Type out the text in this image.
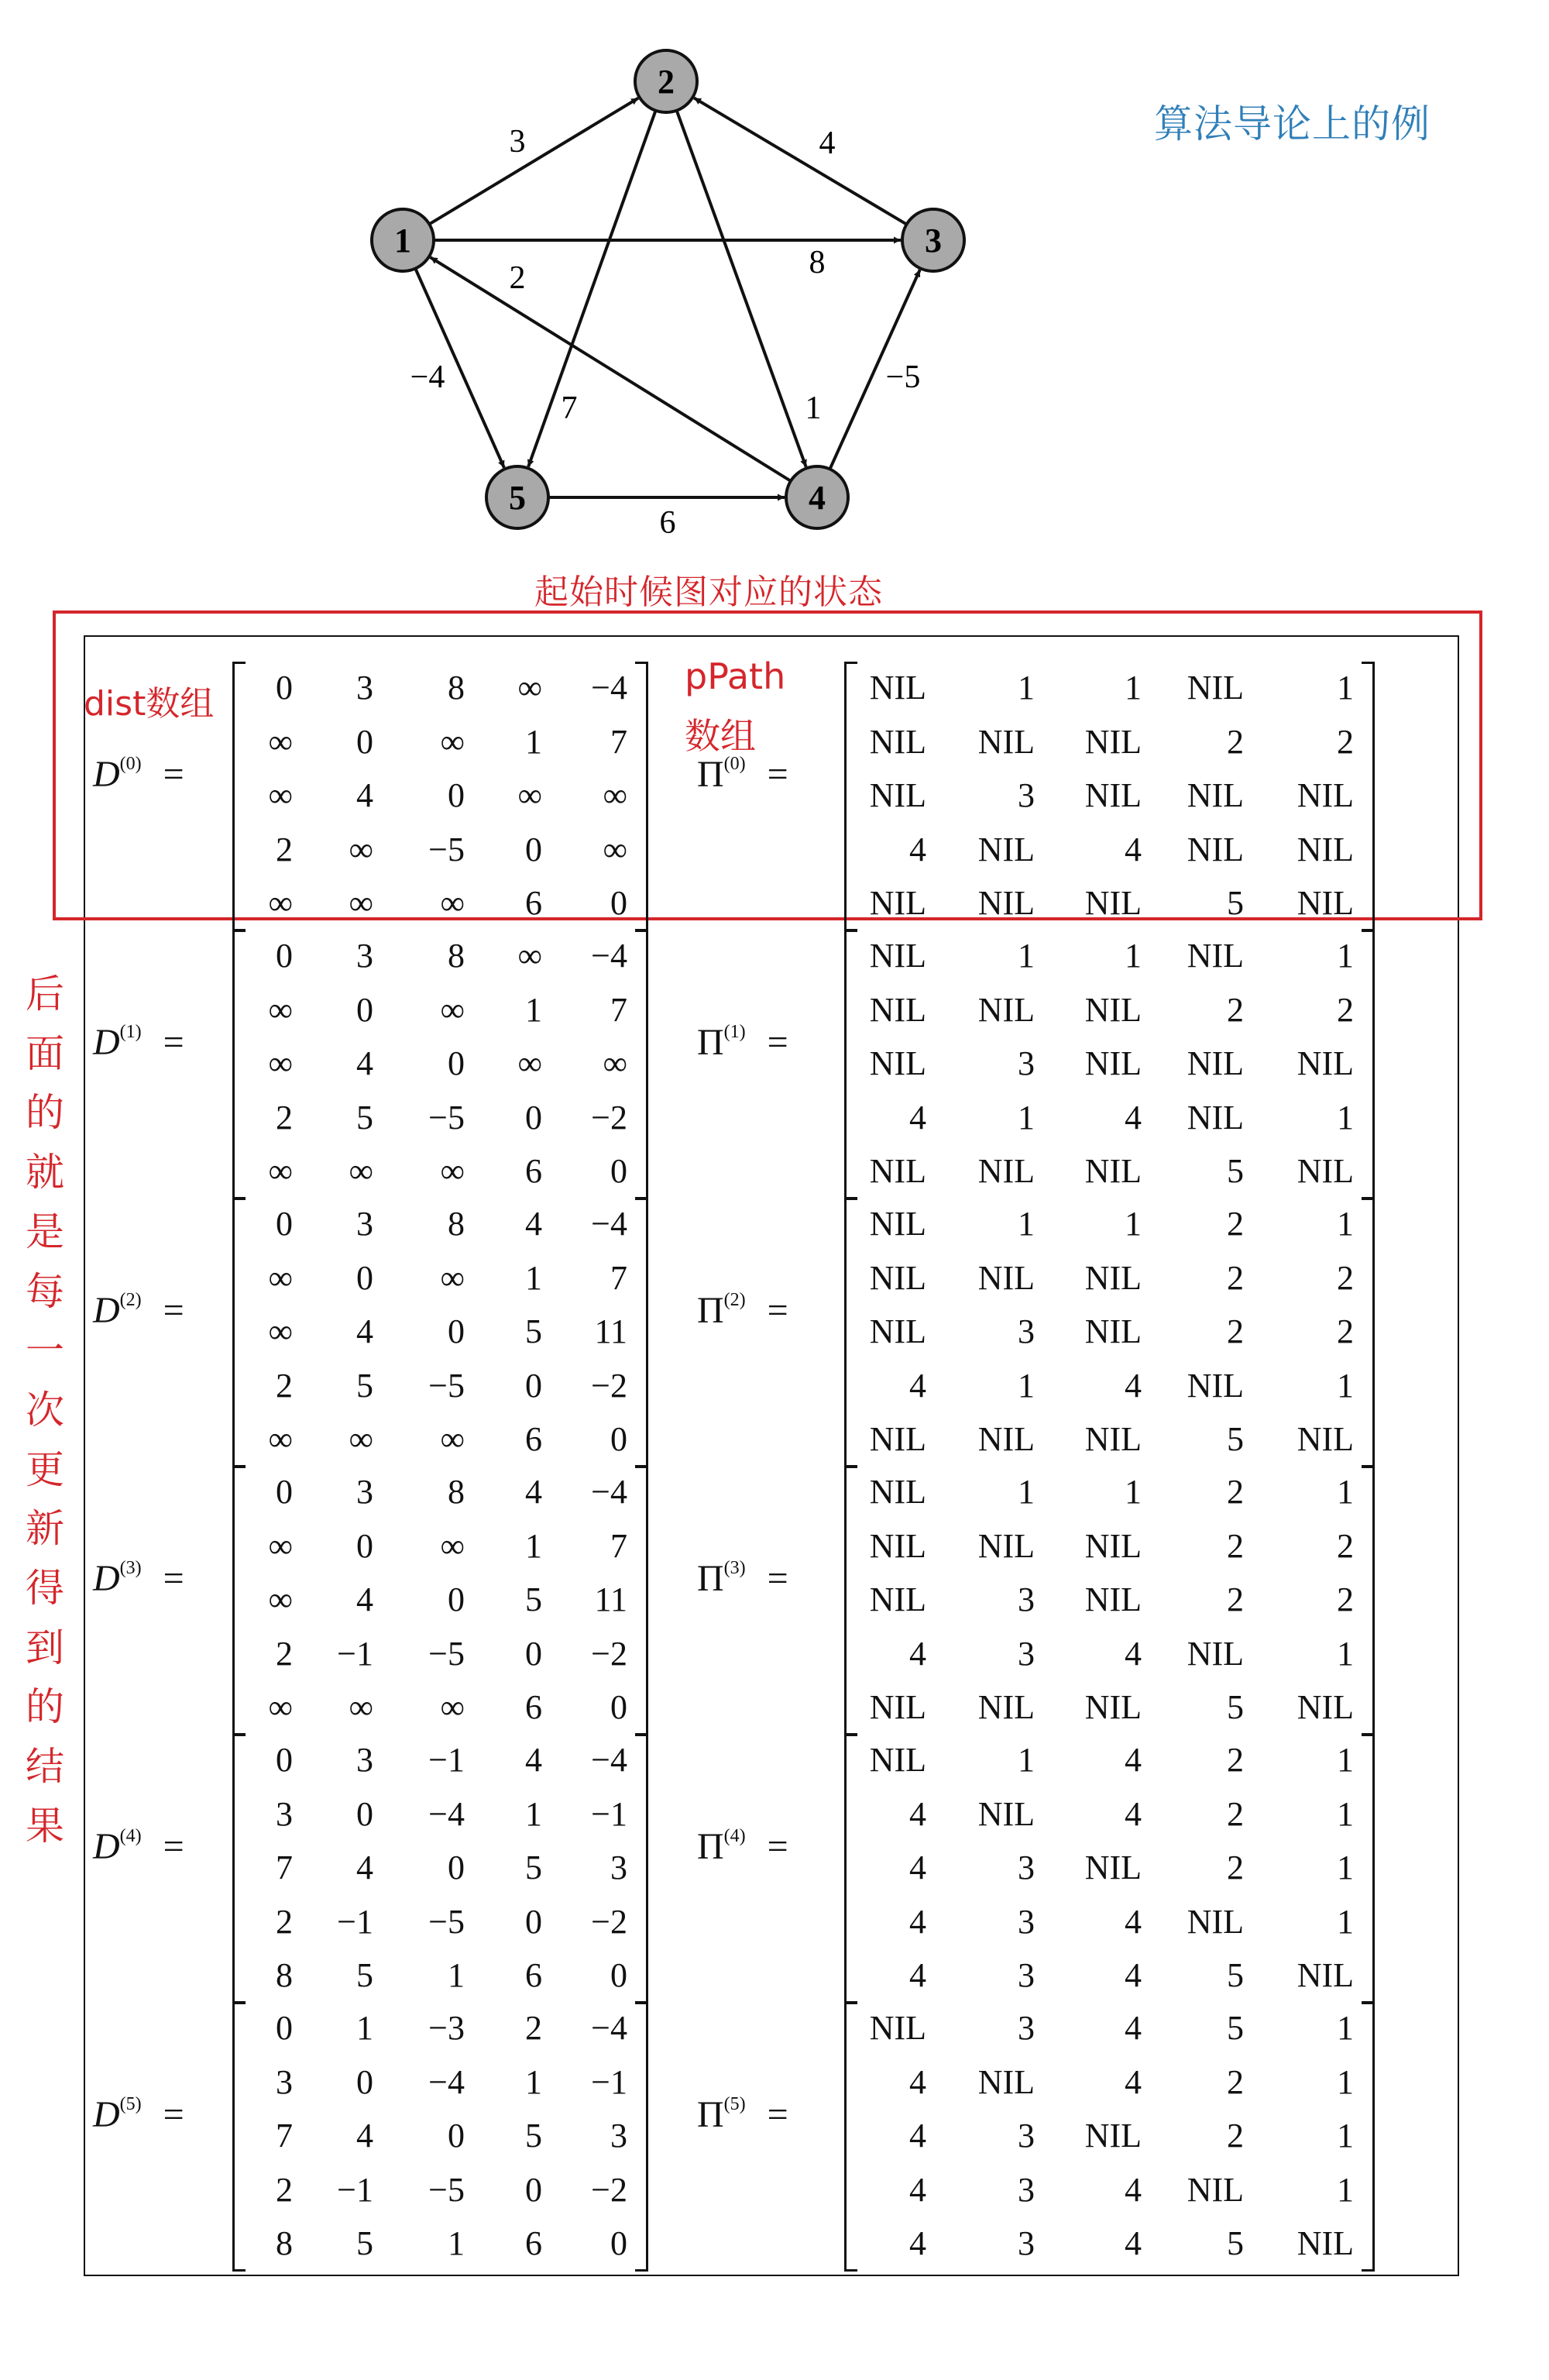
1
2
3
4
5
3
8
−4
1
7
4
2
−5
6
算法导论上的例
起始时候图对应的状态
后面的就是每一次更新得到的结果
dist数组
pPath
数组
$D^{(0)}$ =	$\Pi^{(0)}$ =
0	3	8	∞	−4
∞	0	∞	1	7
∞	4	0	∞	∞
2	∞	−5	0	∞
∞	∞	∞	6	0
NIL	1	1	NIL	1
NIL	NIL	NIL	2	2
NIL	3	NIL	NIL	NIL
4	NIL	4	NIL	NIL
NIL	NIL	NIL	5	NIL
$D^{(1)}$ =	$\Pi^{(1)}$ =
0	3	8	∞	−4
∞	0	∞	1	7
∞	4	0	∞	∞
2	5	−5	0	−2
∞	∞	∞	6	0
NIL	1	1	NIL	1
NIL	NIL	NIL	2	2
NIL	3	NIL	NIL	NIL
4	1	4	NIL	1
NIL	NIL	NIL	5	NIL
$D^{(2)}$ =	$\Pi^{(2)}$ =
0	3	8	4	−4
∞	0	∞	1	7
∞	4	0	5	11
2	5	−5	0	−2
∞	∞	∞	6	0
NIL	1	1	2	1
NIL	NIL	NIL	2	2
NIL	3	NIL	2	2
4	1	4	NIL	1
NIL	NIL	NIL	5	NIL
$D^{(3)}$ =	$\Pi^{(3)}$ =
0	3	8	4	−4
∞	0	∞	1	7
∞	4	0	5	11
2	−1	−5	0	−2
∞	∞	∞	6	0
NIL	1	1	2	1
NIL	NIL	NIL	2	2
NIL	3	NIL	2	2
4	3	4	NIL	1
NIL	NIL	NIL	5	NIL
$D^{(4)}$ =	$\Pi^{(4)}$ =
0	3	−1	4	−4
3	0	−4	1	−1
7	4	0	5	3
2	−1	−5	0	−2
8	5	1	6	0
NIL	1	4	2	1
4	NIL	4	2	1
4	3	NIL	2	1
4	3	4	NIL	1
4	3	4	5	NIL
$D^{(5)}$ =	$\Pi^{(5)}$ =
0	1	−3	2	−4
3	0	−4	1	−1
7	4	0	5	3
2	−1	−5	0	−2
8	5	1	6	0
NIL	3	4	5	1
4	NIL	4	2	1
4	3	NIL	2	1
4	3	4	NIL	1
4	3	4	5	NIL
